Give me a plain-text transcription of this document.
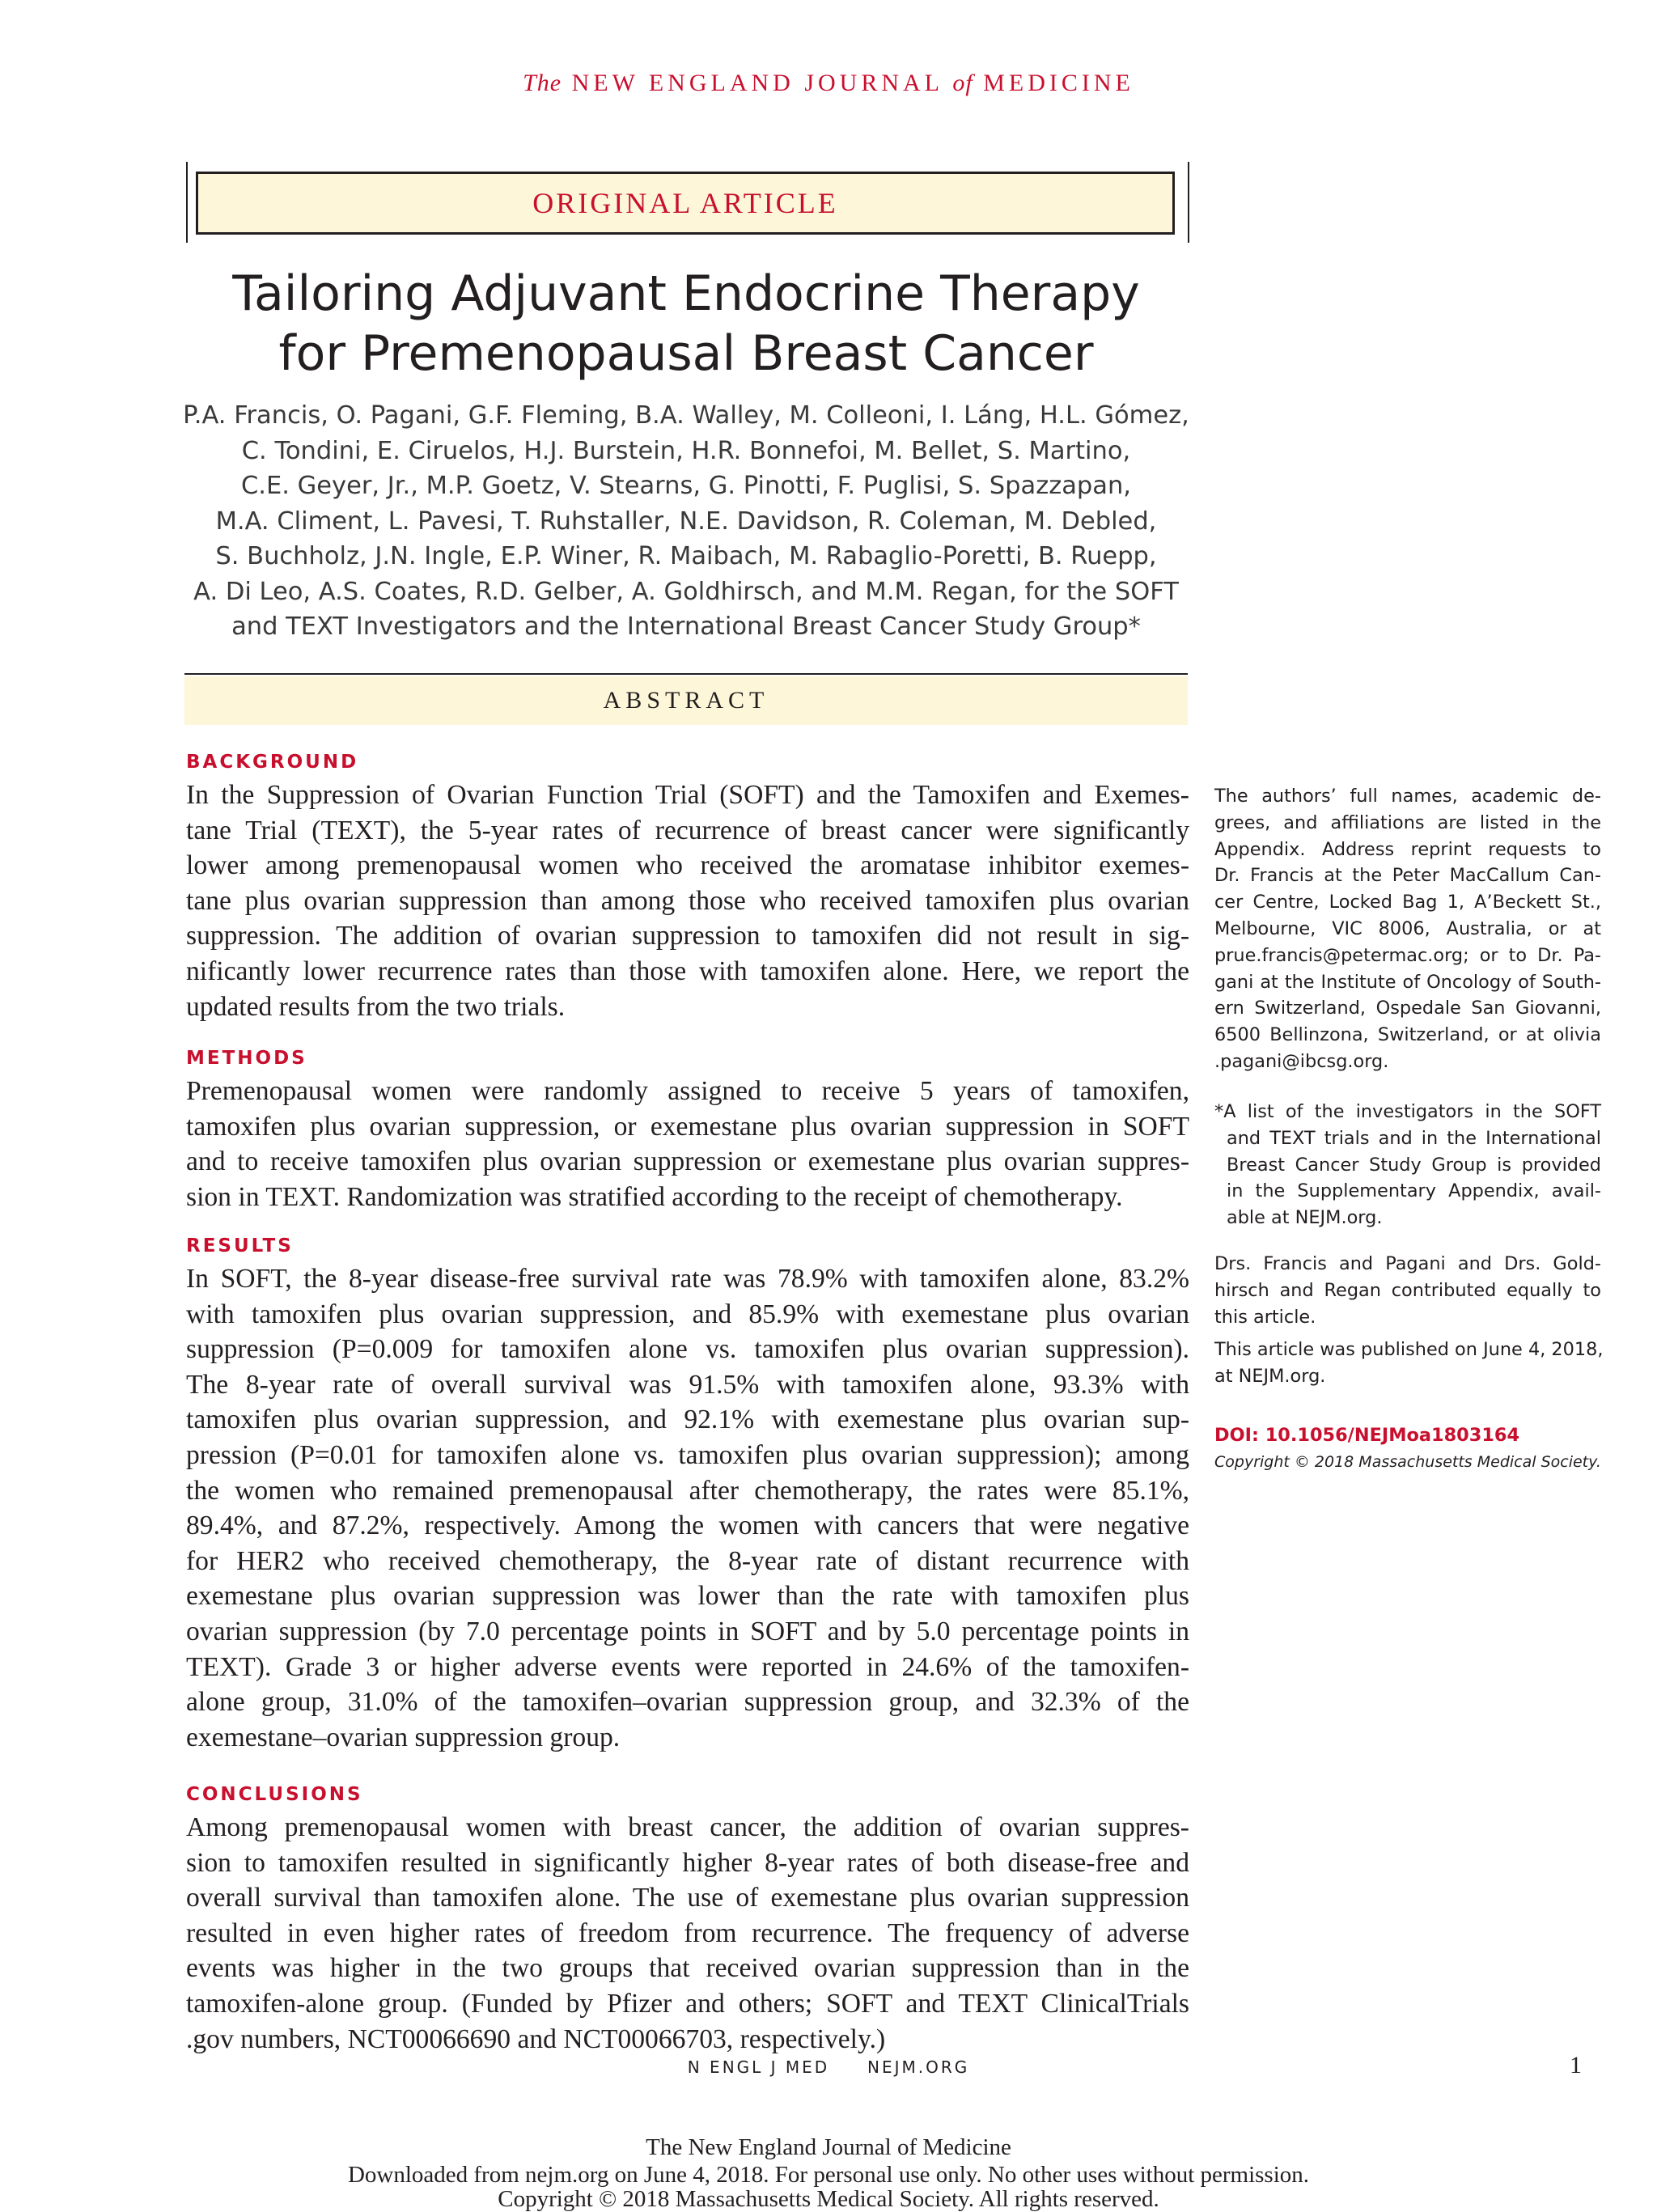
The NEW ENGLAND JOURNAL of MEDICINE
ORIGINAL ARTICLE
Tailoring Adjuvant Endocrine Therapy
for Premenopausal Breast Cancer
P.A. Francis, O. Pagani, G.F. Fleming, B.A. Walley, M. Colleoni, I. Láng, H.L. Gómez,
C. Tondini, E. Ciruelos, H.J. Burstein, H.R. Bonnefoi, M. Bellet, S. Martino,
C.E. Geyer, Jr., M.P. Goetz, V. Stearns, G. Pinotti, F. Puglisi, S. Spazzapan,
M.A. Climent, L. Pavesi, T. Ruhstaller, N.E. Davidson, R. Coleman, M. Debled,
S. Buchholz, J.N. Ingle, E.P. Winer, R. Maibach, M. Rabaglio-Poretti, B. Ruepp,
A. Di Leo, A.S. Coates, R.D. Gelber, A. Goldhirsch, and M.M. Regan, for the SOFT
and TEXT Investigators and the International Breast Cancer Study Group*
ABSTRACT
BACKGROUND
In the Suppression of Ovarian Function Trial (SOFT) and the Tamoxifen and Exemes-
tane Trial (TEXT), the 5-year rates of recurrence of breast cancer were significantly
lower among premenopausal women who received the aromatase inhibitor exemes-
tane plus ovarian suppression than among those who received tamoxifen plus ovarian
suppression. The addition of ovarian suppression to tamoxifen did not result in sig-
nificantly lower recurrence rates than those with tamoxifen alone. Here, we report the
updated results from the two trials.
METHODS
Premenopausal women were randomly assigned to receive 5 years of tamoxifen,
tamoxifen plus ovarian suppression, or exemestane plus ovarian suppression in SOFT
and to receive tamoxifen plus ovarian suppression or exemestane plus ovarian suppres-
sion in TEXT. Randomization was stratified according to the receipt of chemotherapy.
RESULTS
In SOFT, the 8-year disease-free survival rate was 78.9% with tamoxifen alone, 83.2%
with tamoxifen plus ovarian suppression, and 85.9% with exemestane plus ovarian
suppression (P=0.009 for tamoxifen alone vs. tamoxifen plus ovarian suppression).
The 8-year rate of overall survival was 91.5% with tamoxifen alone, 93.3% with
tamoxifen plus ovarian suppression, and 92.1% with exemestane plus ovarian sup-
pression (P=0.01 for tamoxifen alone vs. tamoxifen plus ovarian suppression); among
the women who remained premenopausal after chemotherapy, the rates were 85.1%,
89.4%, and 87.2%, respectively. Among the women with cancers that were negative
for HER2 who received chemotherapy, the 8-year rate of distant recurrence with
exemestane plus ovarian suppression was lower than the rate with tamoxifen plus
ovarian suppression (by 7.0 percentage points in SOFT and by 5.0 percentage points in
TEXT). Grade 3 or higher adverse events were reported in 24.6% of the tamoxifen-
alone group, 31.0% of the tamoxifen–ovarian suppression group, and 32.3% of the
exemestane–ovarian suppression group.
CONCLUSIONS
Among premenopausal women with breast cancer, the addition of ovarian suppres-
sion to tamoxifen resulted in significantly higher 8-year rates of both disease-free and
overall survival than tamoxifen alone. The use of exemestane plus ovarian suppression
resulted in even higher rates of freedom from recurrence. The frequency of adverse
events was higher in the two groups that received ovarian suppression than in the
tamoxifen-alone group. (Funded by Pfizer and others; SOFT and TEXT ClinicalTrials
.gov numbers, NCT00066690 and NCT00066703, respectively.)
The authors’ full names, academic de-
grees, and affiliations are listed in the
Appendix. Address reprint requests to
Dr. Francis at the Peter MacCallum Can-
cer Centre, Locked Bag 1, A’Beckett St.,
Melbourne, VIC 8006, Australia, or at
prue.francis@petermac.org; or to Dr. Pa-
gani at the Institute of Oncology of South-
ern Switzerland, Ospedale San Giovanni,
6500 Bellinzona, Switzerland, or at olivia
.pagani@ibcsg.org.
*A list of the investigators in the SOFT
and TEXT trials and in the International
Breast Cancer Study Group is provided
in the Supplementary Appendix, avail-
able at NEJM.org.
Drs. Francis and Pagani and Drs. Gold-
hirsch and Regan contributed equally to
this article.
This article was published on June 4, 2018,
at NEJM.org.
DOI: 10.1056/NEJMoa1803164
Copyright © 2018 Massachusetts Medical Society.
N ENGL J MED NEJM.ORG	1
The New England Journal of Medicine
Downloaded from nejm.org on June 4, 2018. For personal use only. No other uses without permission.
Copyright © 2018 Massachusetts Medical Society. All rights reserved.
